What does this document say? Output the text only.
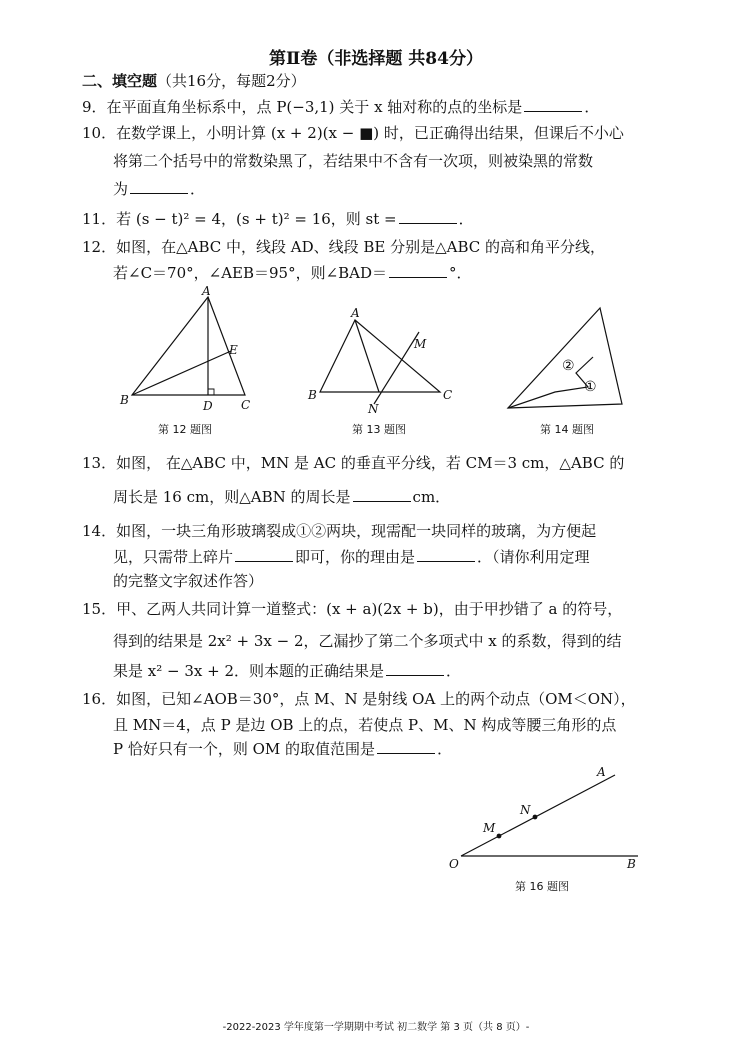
第Ⅱ卷（非选择题 共84分）
二、填空题（共16分，每题2分）
9．在平面直角坐标系中，点 P(−3,1) 关于 x 轴对称的点的坐标是	．
10．在数学课上，小明计算 (x + 2)(x − ■) 时，已正确得出结果，但课后不小心
将第二个括号中的常数染黑了，若结果中不含有一次项，则被染黑的常数
为	．
11．若 (s − t)² = 4，(s + t)² = 16，则 st =	．
12．如图，在△ABC 中，线段 AD、线段 BE 分别是△ABC 的高和角平分线，
若∠C＝70°，∠AEB＝95°，则∠BAD＝	°．
A
B	C
D
E
第 12 题图
A
B	C
M
N
第 13 题图
②
①
第 14 题图
13．如图， 在△ABC 中，MN 是 AC 的垂直平分线，若 CM＝3 cm，△ABC 的
周长是 16 cm，则△ABN 的周长是	cm．
14．如图，一块三角形玻璃裂成①②两块，现需配一块同样的玻璃，为方便起
见，只需带上碎片	即可，你的理由是	．（请你利用定理
的完整文字叙述作答）
15．甲、乙两人共同计算一道整式：(x + a)(2x + b)，由于甲抄错了 a 的符号，
得到的结果是 2x² + 3x − 2，乙漏抄了第二个多项式中 x 的系数，得到的结
果是 x² − 3x + 2．则本题的正确结果是	．
16．如图，已知∠AOB＝30°，点 M、N 是射线 OA 上的两个动点（OM＜ON），
且 MN＝4，点 P 是边 OB 上的点，若使点 P、M、N 构成等腰三角形的点
P 恰好只有一个，则 OM 的取值范围是	．
O	B
A
M
N
第 16 题图
-2022-2023 学年度第一学期期中考试 初二数学 第 3 页（共 8 页）-
